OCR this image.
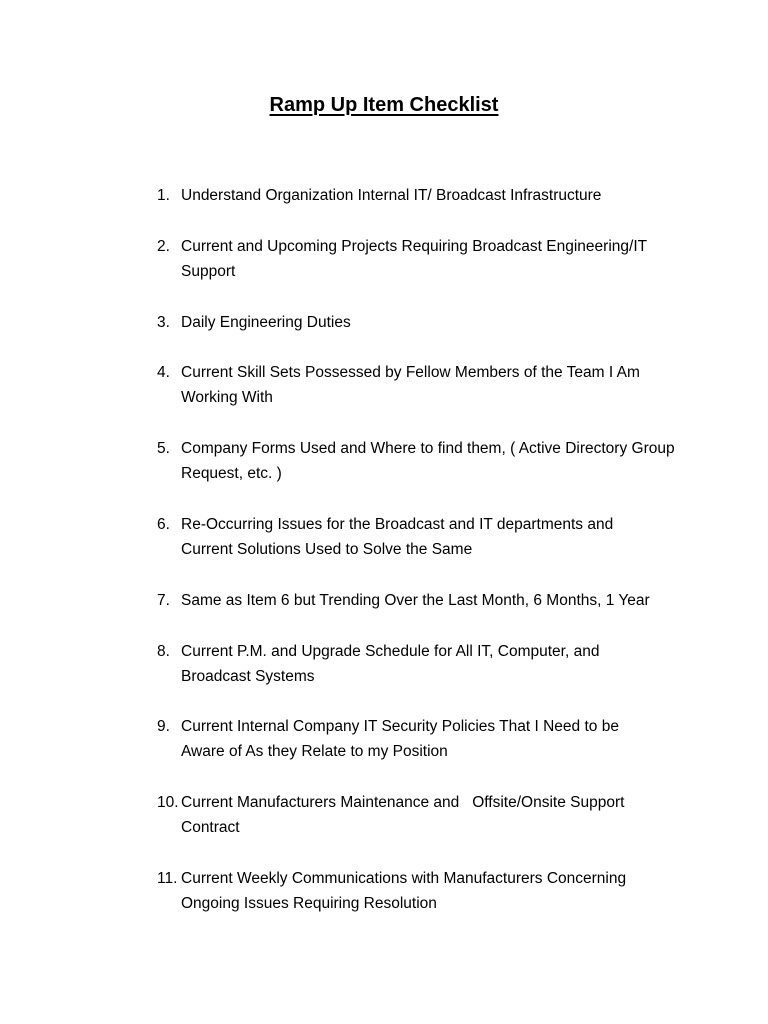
Ramp Up Item Checklist
1. Understand Organization Internal IT/ Broadcast Infrastructure
2. Current and Upcoming Projects Requiring Broadcast Engineering/IT Support
3. Daily Engineering Duties
4. Current Skill Sets Possessed by Fellow Members of the Team I Am Working With
5. Company Forms Used and Where to find them, ( Active Directory Group Request, etc. )
6. Re-Occurring Issues for the Broadcast and IT departments and Current Solutions Used to Solve the Same
7. Same as Item 6 but Trending Over the Last Month, 6 Months, 1 Year
8. Current P.M. and Upgrade Schedule for All IT, Computer, and Broadcast Systems
9. Current Internal Company IT Security Policies That I Need to be Aware of As they Relate to my Position
10. Current Manufacturers Maintenance and   Offsite/Onsite Support Contract
11. Current Weekly Communications with Manufacturers Concerning Ongoing Issues Requiring Resolution
